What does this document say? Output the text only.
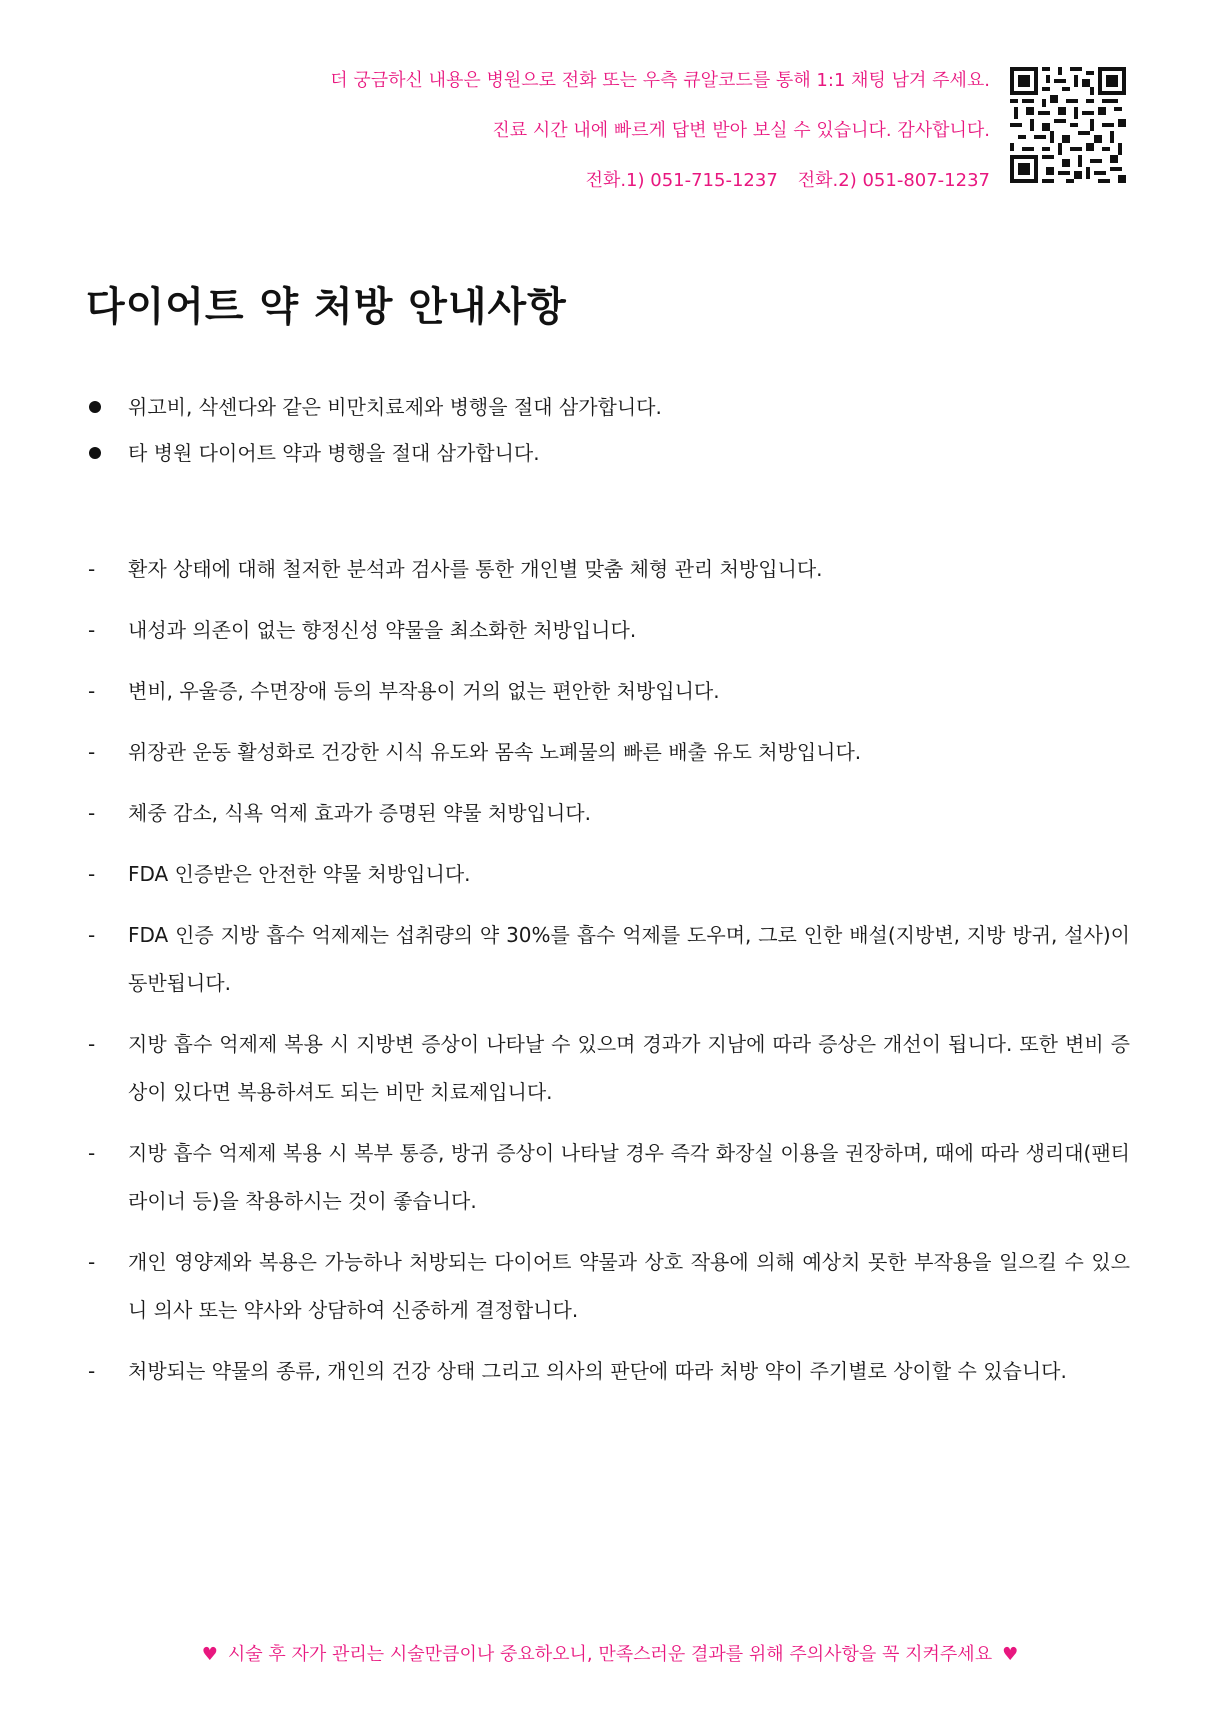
더 궁금하신 내용은 병원으로 전화 또는 우측 큐알코드를 통해 1:1 채팅 남겨 주세요.
진료 시간 내에 빠르게 답변 받아 보실 수 있습니다. 감사합니다.
전화.1) 051-715-1237 전화.2) 051-807-1237
다이어트 약 처방 안내사항
위고비, 삭센다와 같은 비만치료제와 병행을 절대 삼가합니다.
타 병원 다이어트 약과 병행을 절대 삼가합니다.
- 환자 상태에 대해 철저한 분석과 검사를 통한 개인별 맞춤 체형 관리 처방입니다.
- 내성과 의존이 없는 향정신성 약물을 최소화한 처방입니다.
- 변비, 우울증, 수면장애 등의 부작용이 거의 없는 편안한 처방입니다.
- 위장관 운동 활성화로 건강한 시식 유도와 몸속 노폐물의 빠른 배출 유도 처방입니다.
- 체중 감소, 식욕 억제 효과가 증명된 약물 처방입니다.
- FDA 인증받은 안전한 약물 처방입니다.
- FDA 인증 지방 흡수 억제제는 섭취량의 약 30%를 흡수 억제를 도우며, 그로 인한 배설(지방변, 지방 방귀, 설사)이 동반됩니다.
- 지방 흡수 억제제 복용 시 지방변 증상이 나타날 수 있으며 경과가 지남에 따라 증상은 개선이 됩니다. 또한 변비 증상이 있다면 복용하셔도 되는 비만 치료제입니다.
- 지방 흡수 억제제 복용 시 복부 통증, 방귀 증상이 나타날 경우 즉각 화장실 이용을 권장하며, 때에 따라 생리대(팬티라이너 등)을 착용하시는 것이 좋습니다.
- 개인 영양제와 복용은 가능하나 처방되는 다이어트 약물과 상호 작용에 의해 예상치 못한 부작용을 일으킬 수 있으니 의사 또는 약사와 상담하여 신중하게 결정합니다.
- 처방되는 약물의 종류, 개인의 건강 상태 그리고 의사의 판단에 따라 처방 약이 주기별로 상이할 수 있습니다.
♥ 시술 후 자가 관리는 시술만큼이나 중요하오니, 만족스러운 결과를 위해 주의사항을 꼭 지켜주세요 ♥
